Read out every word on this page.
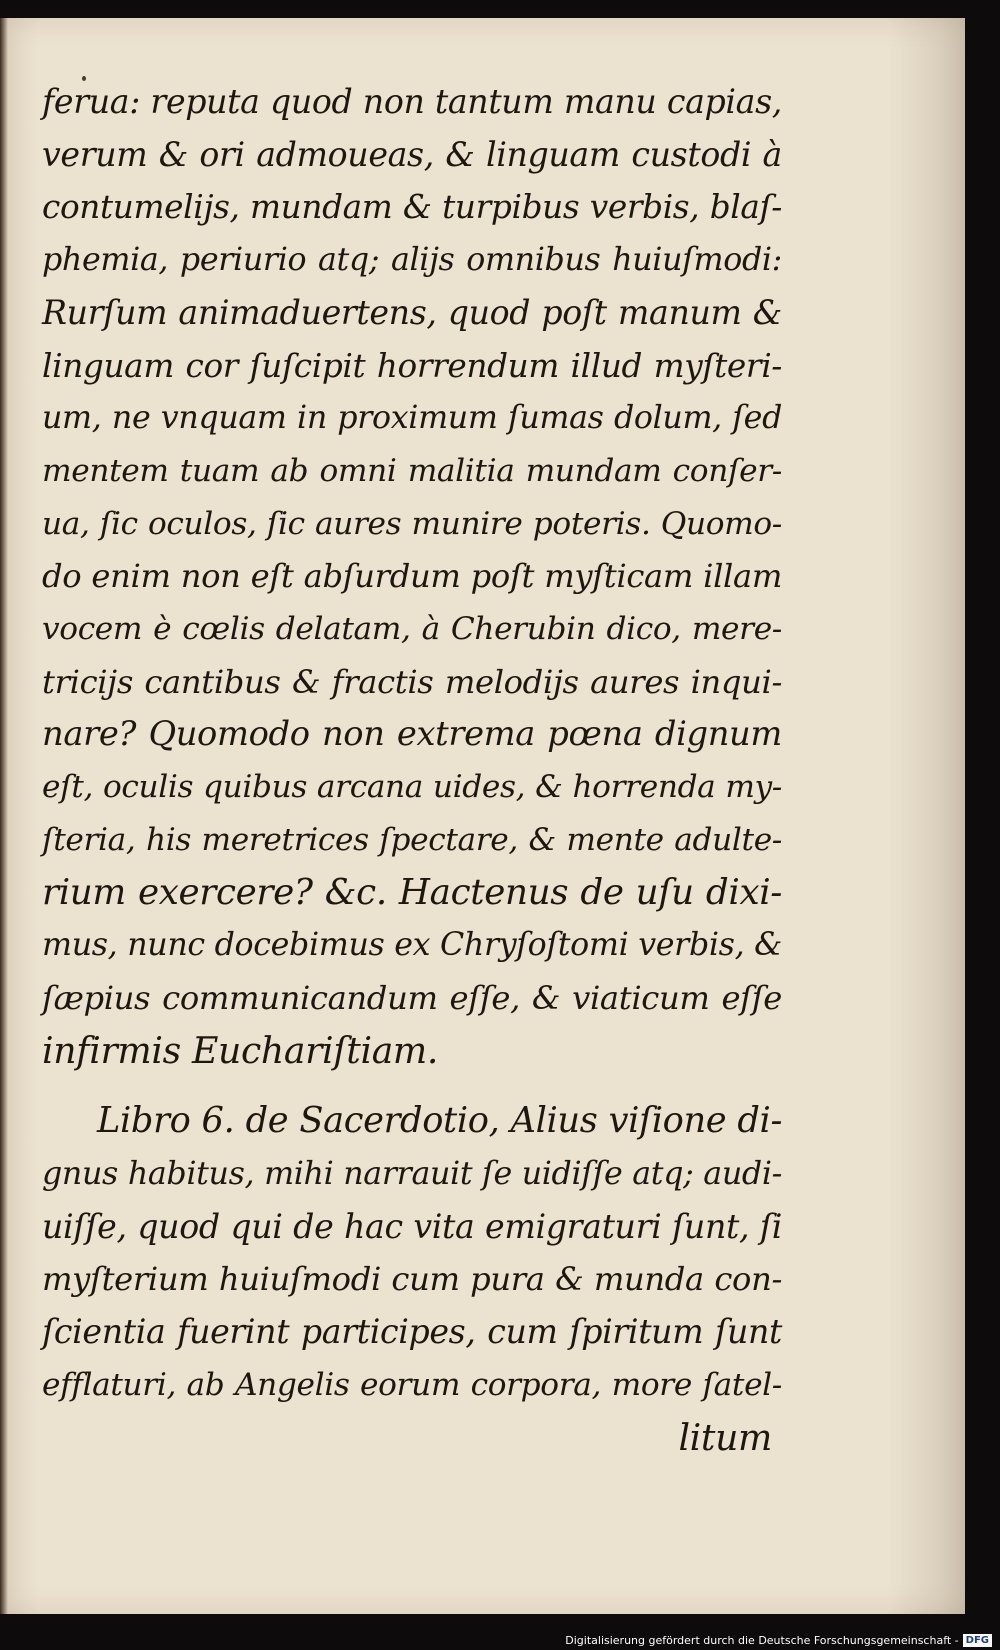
ferua: reputa quod non tantum manu capias,
verum & ori admoueas, & linguam custodi à
contumelijs, mundam & turpibus verbis, blaſ-
phemia, periurio atq; alijs omnibus huiuſmodi:
Rurſum animaduertens, quod poſt manum &
linguam cor ſuſcipit horrendum illud myſteri-
um, ne vnquam in proximum ſumas dolum, ſed
mentem tuam ab omni malitia mundam conſer-
ua, ſic oculos, ſic aures munire poteris. Quomo-
do enim non eſt abſurdum poſt myſticam illam
vocem è cœlis delatam, à Cherubin dico, mere-
tricijs cantibus & fractis melodijs aures inqui-
nare? Quomodo non extrema pœna dignum
eſt, oculis quibus arcana uides, & horrenda my-
ſteria, his meretrices ſpectare, & mente adulte-
rium exercere? &c. Hactenus de uſu dixi-
mus, nunc docebimus ex Chryſoſtomi verbis, &
ſæpius communicandum eſſe, & viaticum eſſe
infirmis Euchariſtiam.
Libro 6. de Sacerdotio, Alius viſione di-
gnus habitus, mihi narrauit ſe uidiſſe atq; audi-
uiſſe, quod qui de hac vita emigraturi ſunt, ſi
myſterium huiuſmodi cum pura & munda con-
ſcientia fuerint participes, cum ſpiritum ſunt
efflaturi, ab Angelis eorum corpora, more ſatel-
litum
Digitalisierung gefördert durch die Deutsche Forschungsgemeinschaft - DFG
